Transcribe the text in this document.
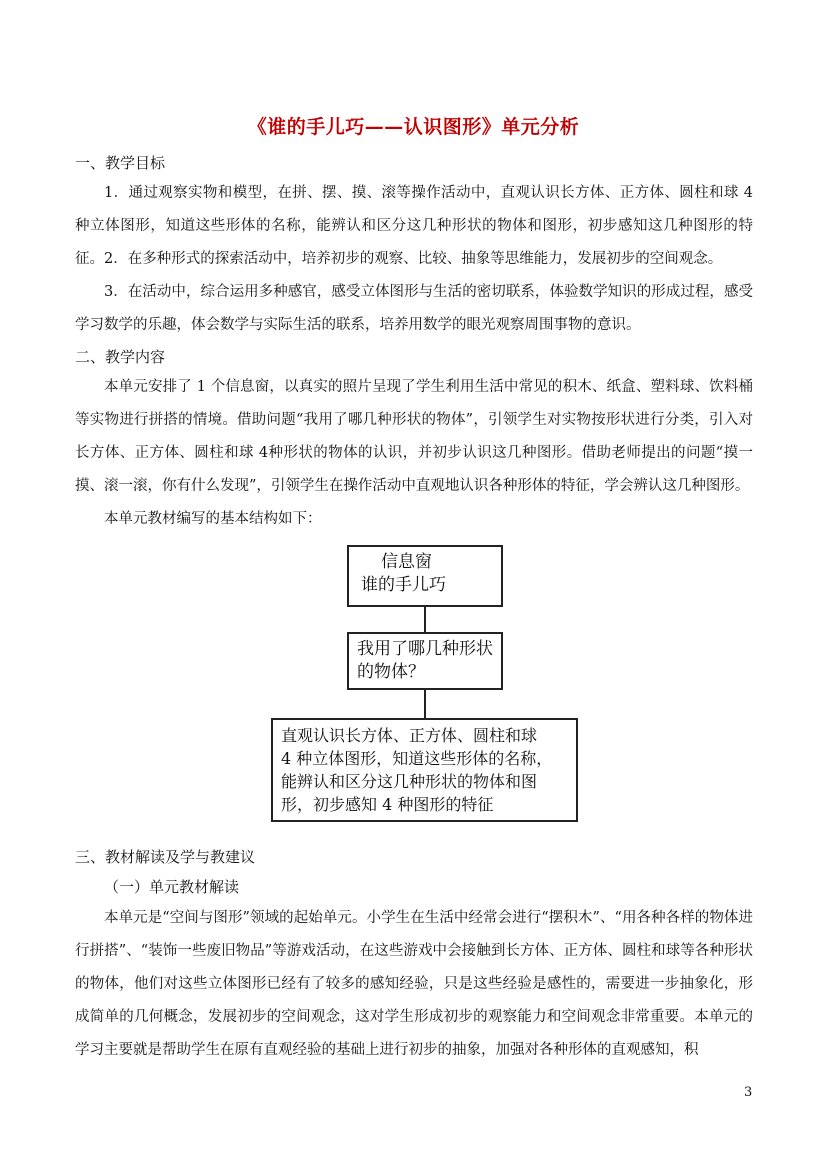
《谁的手儿巧——认识图形》单元分析
一、教学目标

1．通过观察实物和模型，在拼、摆、摸、滚等操作活动中，直观认识长方体、正方体、圆柱和球 4 种立体图形，知道这些形体的名称，能辨认和区分这几种形状的物体和图形，初步感知这几种图形的特征。 2．在多种形式的探索活动中，培养初步的观察、比较、抽象等思维能力，发展初步的空间观念。

3．在活动中，综合运用多种感官，感受立体图形与生活的密切联系，体验数学知识的形成过程，感受学习数学的乐趣，体会数学与实际生活的联系，培养用数学的眼光观察周围事物的意识。

二、教学内容

本单元安排了 1 个信息窗，以真实的照片呈现了学生利用生活中常见的积木、纸盒、塑料球、饮料桶等实物进行拼搭的情境。借助问题“我用了哪几种形状的物体”，引领学生对实物按形状进行分类，引入对长方体、正方体、圆柱和球 4种形状的物体的认识，并初步认识这几种图形。借助老师提出的问题“摸一摸、滚一滚，你有什么发现”，引领学生在操作活动中直观地认识各种形体的特征，学会辨认这几种图形。

本单元教材编写的基本结构如下：

信息窗
谁的手儿巧
我用了哪几种形状
的物体？
直观认识长方体、正方体、圆柱和球
4 种立体图形，知道这些形体的名称，
能辨认和区分这几种形状的物体和图
形，初步感知 4 种图形的特征
三、教材解读及学与教建议
（一）单元教材解读

本单元是“空间与图形”领域的起始单元。小学生在生活中经常会进行“摆积木”、“用各种各样的物体进行拼搭”、“装饰一些废旧物品”等游戏活动，在这些游戏中会接触到长方体、正方体、圆柱和球等各种形状的物体，他们对这些立体图形已经有了较多的感知经验，只是这些经验是感性的，需要进一步抽象化，形成简单的几何概念，发展初步的空间观念，这对学生形成初步的观察能力和空间观念非常重要。本单元的学习主要就是帮助学生在原有直观经验的基础上进行初步的抽象，加强对各种形体的直观感知，积

3
